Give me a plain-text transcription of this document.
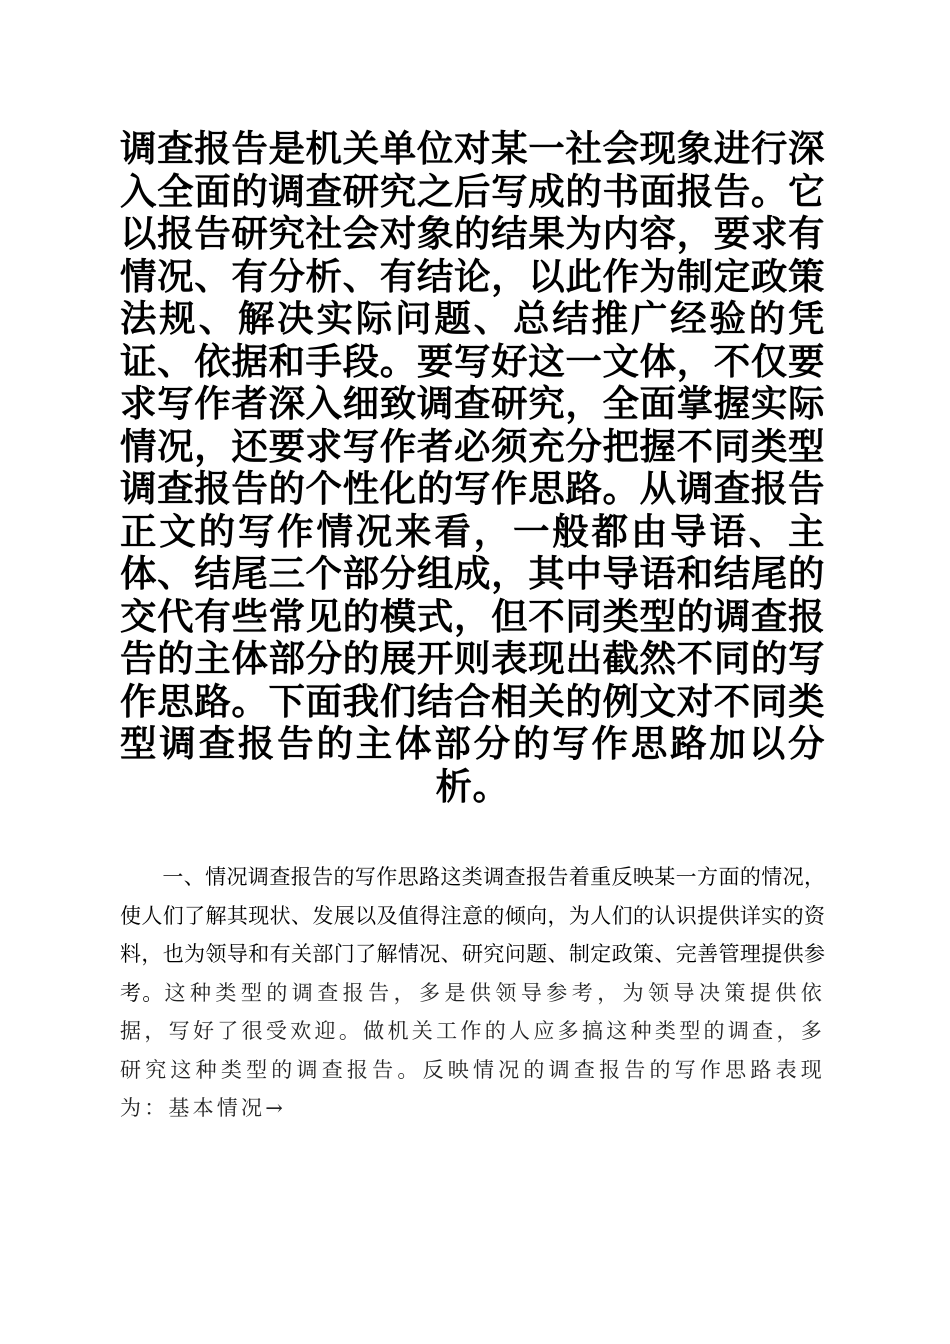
调查报告是机关单位对某一社会现象进行深入全面的调查研究之后写成的书面报告。它以报告研究社会对象的结果为内容，要求有情况、有分析、有结论，以此作为制定政策法规、解决实际问题、总结推广经验的凭证、依据和手段。要写好这一文体，不仅要求写作者深入细致调查研究，全面掌握实际情况，还要求写作者必须充分把握不同类型调查报告的个性化的写作思路。从调查报告正文的写作情况来看，一般都由导语、主体、结尾三个部分组成，其中导语和结尾的交代有些常见的模式，但不同类型的调查报告的主体部分的展开则表现出截然不同的写作思路。下面我们结合相关的例文对不同类型调查报告的主体部分的写作思路加以分析。

一、情况调查报告的写作思路这类调查报告着重反映某一方面的情况，使人们了解其现状、发展以及值得注意的倾向，为人们的认识提供详实的资料，也为领导和有关部门了解情况、研究问题、制定政策、完善管理提供参考。这种类型的调查报告，多是供领导参考，为领导决策提供依据，写好了很受欢迎。做机关工作的人应多搞这种类型的调查，多研究这种类型的调查报告。反映情况的调查报告的写作思路表现为：基本情况→
